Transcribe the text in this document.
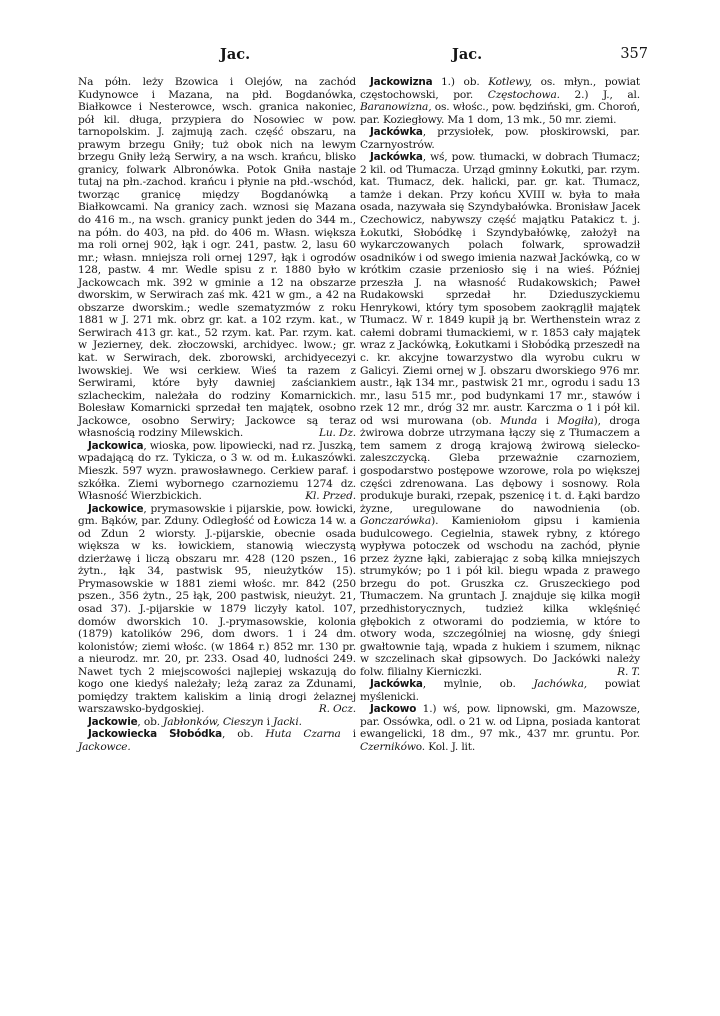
Jac.	Jac.	357

Na półn. leży Bzowica i Olejów, na zachód Kudynowce i Mazana, na płd. Bogdanówka, Białkowce i Nesterowce, wsch. granica nakoniec, pół kil. długa, przypiera do Nosowiec w pow. tarnopolskim. J. zajmują zach. część obszaru, na prawym brzegu Gniły; tuż obok nich na lewym brzegu Gniły leżą Serwiry, a na wsch. krańcu, blisko granicy, folwark Albronówka. Potok Gniła nastaje tutaj na płn.-zachod. krańcu i płynie na płd.-wschód, tworząc granicę między Bogdanówką a Białkowcami. Na granicy zach. wznosi się Mazana do 416 m., na wsch. granicy punkt jeden do 344 m., na półn. do 403, na płd. do 406 m. Własn. większa ma roli ornej 902, łąk i ogr. 241, pastw. 2, lasu 60 mr.; własn. mniejsza roli ornej 1297, łąk i ogrodów 128, pastw. 4 mr. Wedle spisu z r. 1880 było w Jackowcach mk. 392 w gminie a 12 na obszarze dworskim, w Serwirach zaś mk. 421 w gm., a 42 na obszarze dworskim.; wedle szematyzmów z roku 1881 w J. 271 mk. obrz gr. kat. a 102 rzym. kat., w Serwirach 413 gr. kat., 52 rzym. kat. Par. rzym. kat. w Jezierney, dek. złoczowski, archidyec. lwow.; gr. kat. w Serwirach, dek. zborowski, archidyecezyi lwowskiej. We wsi cerkiew. Wieś ta razem z Serwirami, które były dawniej zaściankiem szlacheckim, należała do rodziny Komarnickich. Bolesław Komarnicki sprzedał ten majątek, osobno Jackowce, osobno Serwiry; Jackowce są teraz własnością rodziny Milewskich.	Lu. Dz.

Jackowica, wioska, pow. lipowiecki, nad rz. Juszką, wpadającą do rz. Tykicza, o 3 w. od m. Łukaszówki. Mieszk. 597 wyzn. prawosławnego. Cerkiew paraf. i szkółka. Ziemi wybornego czarnoziemu 1274 dz. Własność Wierzbickich.	Kl. Przed.

Jackowice, prymasowskie i pijarskie, pow. łowicki, gm. Bąków, par. Zduny. Odległość od Łowicza 14 w. a od Zdun 2 wiorsty. J.-pijarskie, obecnie osada większa w ks. łowickiem, stanowią wieczystą dzierżawę i liczą obszaru mr. 428 (120 pszen., 16 żytn., łąk 34, pastwisk 95, nieużytków 15). Prymasowskie w 1881 ziemi włośc. mr. 842 (250 pszen., 356 żytn., 25 łąk, 200 pastwisk, nieużyt. 21, osad 37). J.-pijarskie w 1879 liczyły katol. 107, domów dworskich 10. J.-prymasowskie, kolonia (1879) katolików 296, dom dwors. 1 i 24 dm. kolonistów; ziemi włośc. (w 1864 r.) 852 mr. 130 pr. a nieurodz. mr. 20, pr. 233. Osad 40, ludności 249. Nawet tych 2 miejscowości najlepiej wskazują do kogo one kiedyś należały; leżą zaraz za Zdunami, pomiędzy traktem kaliskim a linią drogi żelaznej warszawsko-bydgoskiej.	R. Ocz.

Jackowie, ob. Jabłonków, Cieszyn i Jacki.

Jackowiecka Słobódka, ob. Huta Czarna i Jackowce.

Jackowizna 1.) ob. Kotlewy, os. młyn., powiat częstochowski, por. Częstochowa. 2.) J., al. Baranowizna, os. włośc., pow. będziński, gm. Choroń, par. Koziegłowy. Ma 1 dom, 13 mk., 50 mr. ziemi.

Jackówka, przysiołek, pow. płoskirowski, par. Czarnyostrów.

Jackówka, wś, pow. tłumacki, w dobrach Tłumacz; 2 kil. od Tłumacza. Urząd gminny Łokutki, par. rzym. kat. Tłumacz, dek. halicki, par. gr. kat. Tłumacz, tamże i dekan. Przy końcu XVIII w. była to mała osada, nazywała się Szyndybałówka. Bronisław Jacek Czechowicz, nabywszy część majątku Patakicz t. j. Łokutki, Słobódkę i Szyndybałówkę, założył na wykarczowanych polach folwark, sprowadził osadników i od swego imienia nazwał Jackówką, co w krótkim czasie przeniosło się i na wieś. Później przeszła J. na własność Rudakowskich; Paweł Rudakowski sprzedał hr. Dzieduszyckiemu Henrykowi, który tym sposobem zaokrąglił majątek Tłumacz. W r. 1849 kupił ją br. Werthenstein wraz z całemi dobrami tłumackiemi, w r. 1853 cały majątek wraz z Jackówką, Łokutkami i Słobódką przeszedł na c. kr. akcyjne towarzystwo dla wyrobu cukru w Galicyi. Ziemi ornej w J. obszaru dworskiego 976 mr. austr., łąk 134 mr., pastwisk 21 mr., ogrodu i sadu 13 mr., lasu 515 mr., pod budynkami 17 mr., stawów i rzek 12 mr., dróg 32 mr. austr. Karczma o 1 i pół kil. od wsi murowana (ob. Munda i Mogiła), droga żwirowa dobrze utrzymana łączy się z Tłumaczem a tem samem z drogą krajową żwirową sielecko-zaleszczycką. Gleba przeważnie czarnoziem, gospodarstwo postępowe wzorowe, rola po większej części zdrenowana. Las dębowy i sosnowy. Rola produkuje buraki, rzepak, pszenicę i t. d. Łąki bardzo żyzne, uregulowane do nawodnienia (ob. Gonczarówka). Kamieniołom gipsu i kamienia budulcowego. Cegielnia, stawek rybny, z którego wypływa potoczek od wschodu na zachód, płynie przez żyzne łąki, zabierając z sobą kilka mniejszych strumyków; po 1 i pół kil. biegu wpada z prawego brzegu do pot. Gruszka cz. Gruszeckiego pod Tłumaczem. Na gruntach J. znajduje się kilka mogił przedhistorycznych, tudzież kilka wklęśnięć głębokich z otworami do podziemia, w które to otwory woda, szczególniej na wiosnę, gdy śniegi gwałtownie tają, wpada z hukiem i szumem, niknąc w szczelinach skał gipsowych. Do Jackówki należy folw. filialny Kierniczki.	R. T.

Jackówka, mylnie, ob. Jachówka, powiat myślenicki.

Jackowo 1.) wś, pow. lipnowski, gm. Mazowsze, par. Ossówka, odl. o 21 w. od Lipna, posiada kantorat ewangelicki, 18 dm., 97 mk., 437 mr. gruntu. Por. Czernikówo. Kol. J. lit.
